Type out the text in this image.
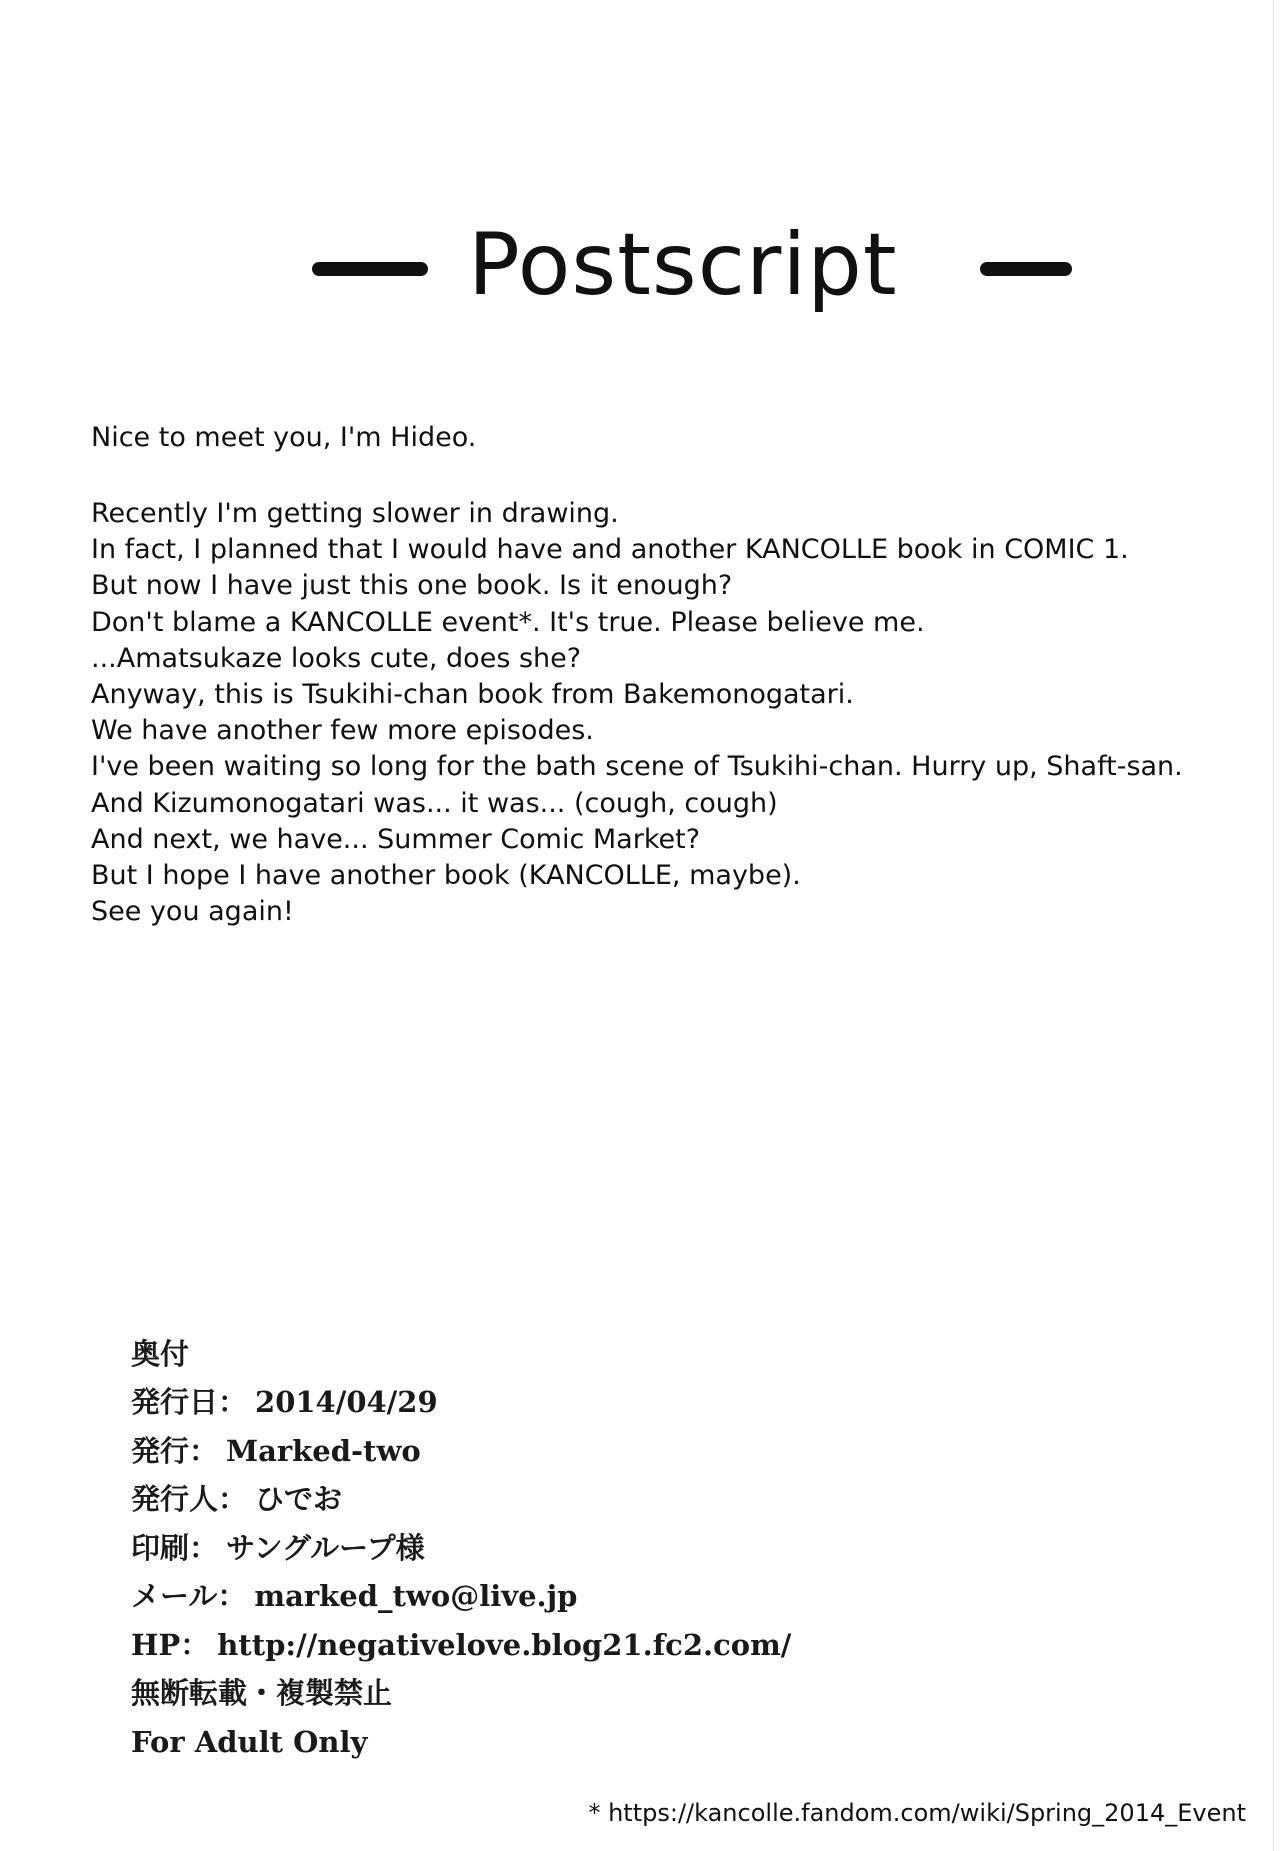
Postscript
Nice to meet you, I'm Hideo.
Recently I'm getting slower in drawing.
In fact, I planned that I would have and another KANCOLLE book in COMIC 1.
But now I have just this one book. Is it enough?
Don't blame a KANCOLLE event*. It's true. Please believe me.
...Amatsukaze looks cute, does she?
Anyway, this is Tsukihi-chan book from Bakemonogatari.
We have another few more episodes.
I've been waiting so long for the bath scene of Tsukihi-chan. Hurry up, Shaft-san.
And Kizumonogatari was... it was... (cough, cough)
And next, we have... Summer Comic Market?
But I hope I have another book (KANCOLLE, maybe).
See you again!
奥付
発行日： 2014/04/29
発行： Marked-two
発行人： ひでお
印刷： サングループ様
メール： marked_two@live.jp
HP： http://negativelove.blog21.fc2.com/
無断転載・複製禁止
For Adult Only
* https://kancolle.fandom.com/wiki/Spring_2014_Event
